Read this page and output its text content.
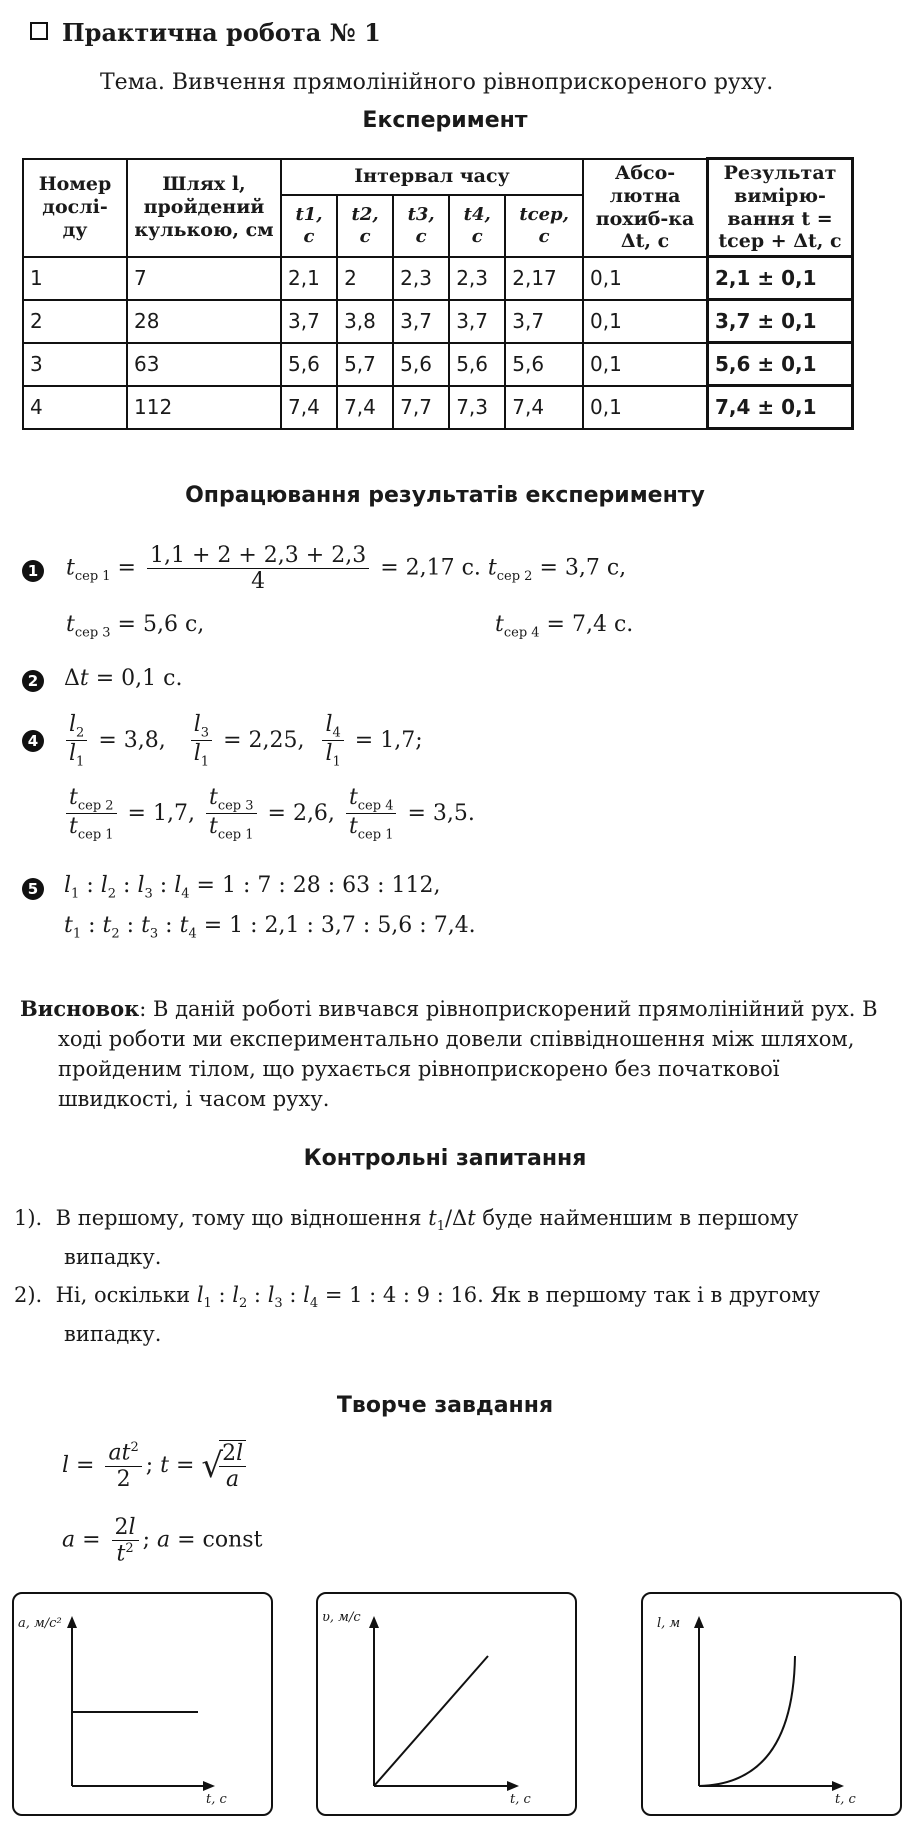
Практична робота № 1
Тема. Вивчення прямолінійного рівноприскореного руху.
Експеримент
Номер дослі-ду	Шлях l, пройдений кулькою, см	Інтервал часу					Абсо-лютна похиб-ка Δt, с	Результат вимірю-вання t = tсер + Δt, с
		t1, с	t2, с	t3, с	t4, с	tсер, с		
1	7	2,1	2	2,3	2,3	2,17	0,1	2,1 ± 0,1
2	28	3,7	3,8	3,7	3,7	3,7	0,1	3,7 ± 0,1
3	63	5,6	5,7	5,6	5,6	5,6	0,1	5,6 ± 0,1
4	112	7,4	7,4	7,7	7,3	7,4	0,1	7,4 ± 0,1
Опрацювання результатів експерименту
1 $t_{сер 1} = \frac{1,1 + 2 + 2,3 + 2,3}{4} = 2,17$ с. $t_{сер 2} = 3,7$ с,
$t_{сер 3} = 5,6$ с,	$t_{сер 4} = 7,4$ с.
2 Δt = 0,1 с.
$4 \frac{l_2}{l_1} = 3,8$, $\frac{l_3}{l_1} = 2,25$, $\frac{l_4}{l_1} = 1,7$;
$\frac{t_{сер 2}}{t_{сер 1}} = 1,7$, $\frac{t_{сер 3}}{t_{сер 1}} = 2,6$, $\frac{t_{сер 4}}{t_{сер 1}} = 3,5$.
5 $l_1$ : $l_2$ : $l_3$ : $l_4 = 1$ : 7 : 28 : 63 : 112,
$t_1$ : $t_2$ : $t_3$ : $t_4 = 1$ : 2,1 : 3,7 : 5,6 : 7,4.
Висновок: В даній роботі вивчався рівноприскорений прямолінійний рух. В ході роботи ми експериментально довели співвідношення між шляхом, пройденим тілом, що рухається рівноприскорено без початкової швидкості, і часом руху.
Контрольні запитання
1). В першому, тому що відношення $t_1/\Delta t$ буде найменшим в першому випадку.
2). Ні, оскільки $l_1$ : $l_2$ : $l_3$ : $l_4 = 1$ : 4 : 9 : 16. Як в першому так і в другому випадку.
Творче завдання
$l = \frac{at^2}{2}$ ; t = √
$\frac{2l}{a}$
$a = \frac{2l}{t^2}$ ; a = const
a, м/с²
t, с
υ, м/с
t, с
l, м
t, с
